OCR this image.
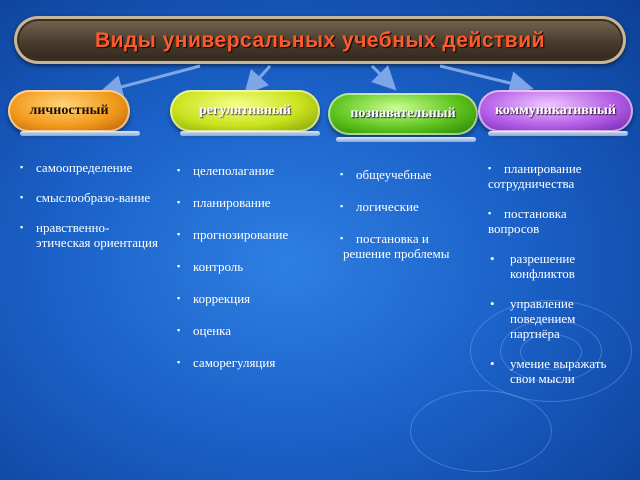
Виды универсальных учебных действий
личностный	регулятивный	познавательный	коммуникативный
▪ самоопределение
▪ смыслообразо-вание
▪ нравственно-этическая ориентация
▪ целеполагание
▪ планирование
▪ прогнозирование
▪ контроль
▪ коррекция
▪ оценка
▪ саморегуляция
▪ общеучебные
▪ логические
▪ постановка и
решение проблемы
▪ планирование
сотрудничества
▪ постановка
вопросов
•	разрешение конфликтов
•	управление поведением партнёра
•	умение выражать свои мысли
